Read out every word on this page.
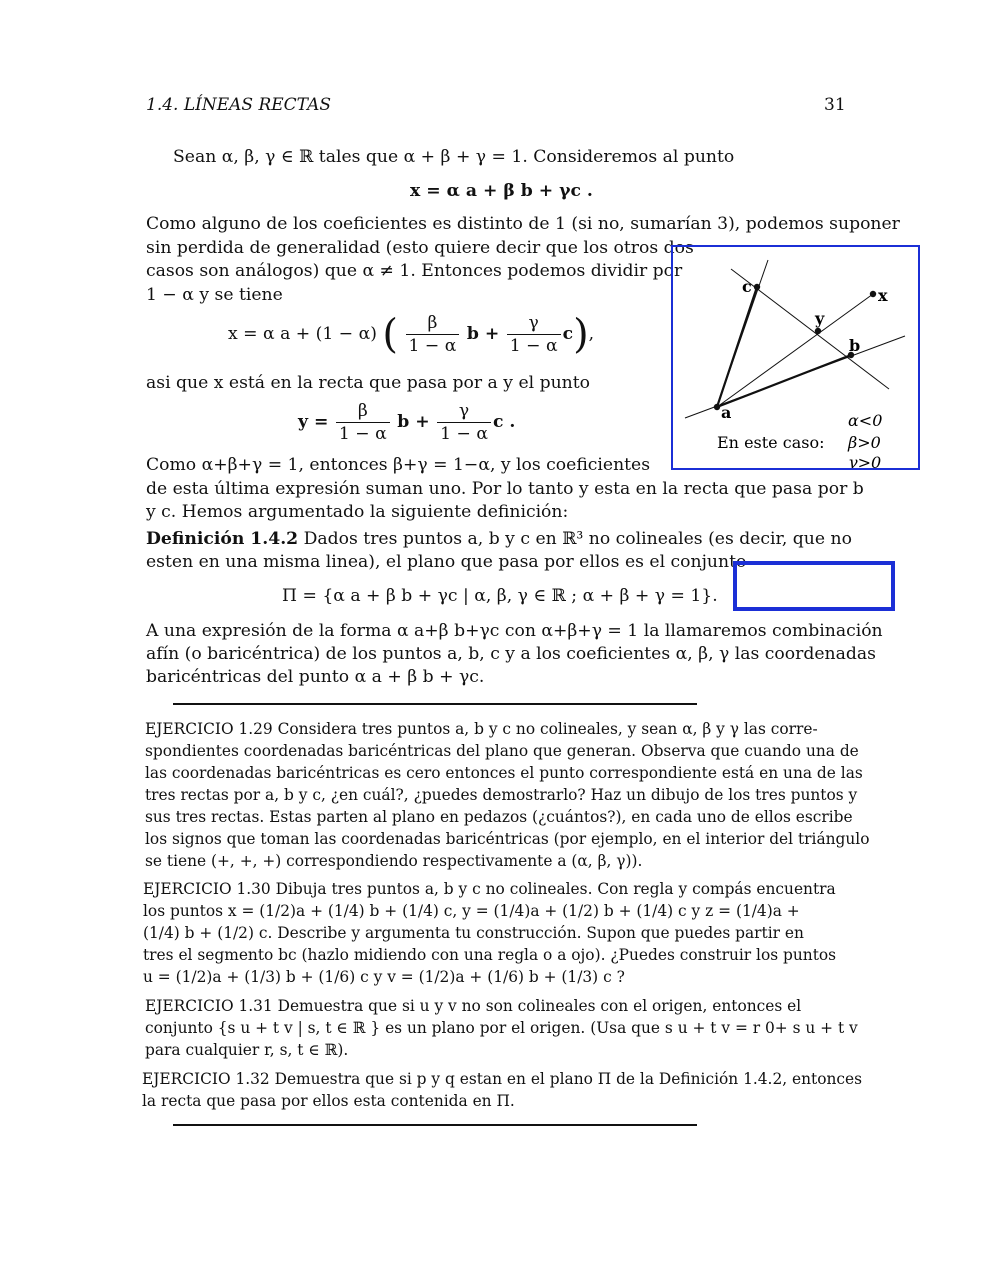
1.4. LÍNEAS RECTAS	31
Sean α, β, γ ∈ ℝ tales que α + β + γ = 1. Consideremos al punto
x = α a + β b + γc .
Como alguno de los coeficientes es distinto de 1 (si no, sumarían 3), podemos suponer
sin perdida de generalidad (esto quiere decir que los otros dos
casos son análogos) que α ≠ 1. Entonces podemos dividir por
1 − α y se tiene
x = α a + (1 − α) ( $\frac{\beta}{1 - \alpha}$ $b + \frac{\gamma}{1 - \alpha} c$),
asi que x está en la recta que pasa por a y el punto
$y = \frac{\beta}{1 - \alpha}$ $b + \frac{\gamma}{1 - \alpha}$ c .
Como α+β+γ = 1, entonces β+γ = 1−α, y los coeficientes
de esta última expresión suman uno. Por lo tanto y esta en la recta que pasa por b
y c. Hemos argumentado la siguiente definición:
a
b
c
y
x
En este caso:
α<0
β>0
γ>0
Definición 1.4.2 Dados tres puntos a, b y c en ℝ³ no colineales (es decir, que no
esten en una misma linea), el plano que pasa por ellos es el conjunto
Π = {α a + β b + γc | α, β, γ ∈ ℝ ; α + β + γ = 1}.
A una expresión de la forma α a+β b+γc con α+β+γ = 1 la llamaremos combinación
afín (o baricéntrica) de los puntos a, b, c y a los coeficientes α, β, γ las coordenadas
baricéntricas del punto α a + β b + γc.
EJERCICIO 1.29 Considera tres puntos a, b y c no colineales, y sean α, β y γ las corre-
spondientes coordenadas baricéntricas del plano que generan. Observa que cuando una de
las coordenadas baricéntricas es cero entonces el punto correspondiente está en una de las
tres rectas por a, b y c, ¿en cuál?, ¿puedes demostrarlo? Haz un dibujo de los tres puntos y
sus tres rectas. Estas parten al plano en pedazos (¿cuántos?), en cada uno de ellos escribe
los signos que toman las coordenadas baricéntricas (por ejemplo, en el interior del triángulo
se tiene (+, +, +) correspondiendo respectivamente a (α, β, γ)).
EJERCICIO 1.30 Dibuja tres puntos a, b y c no colineales. Con regla y compás encuentra
los puntos x = (1/2)a + (1/4) b + (1/4) c, y = (1/4)a + (1/2) b + (1/4) c y z = (1/4)a +
(1/4) b + (1/2) c. Describe y argumenta tu construcción. Supon que puedes partir en
tres el segmento bc (hazlo midiendo con una regla o a ojo). ¿Puedes construir los puntos
u = (1/2)a + (1/3) b + (1/6) c y v = (1/2)a + (1/6) b + (1/3) c ?
EJERCICIO 1.31 Demuestra que si u y v no son colineales con el origen, entonces el
conjunto {s u + t v | s, t ∈ ℝ } es un plano por el origen. (Usa que s u + t v = r 0+ s u + t v
para cualquier r, s, t ∈ ℝ).
EJERCICIO 1.32 Demuestra que si p y q estan en el plano Π de la Definición 1.4.2, entonces
la recta que pasa por ellos esta contenida en Π.
